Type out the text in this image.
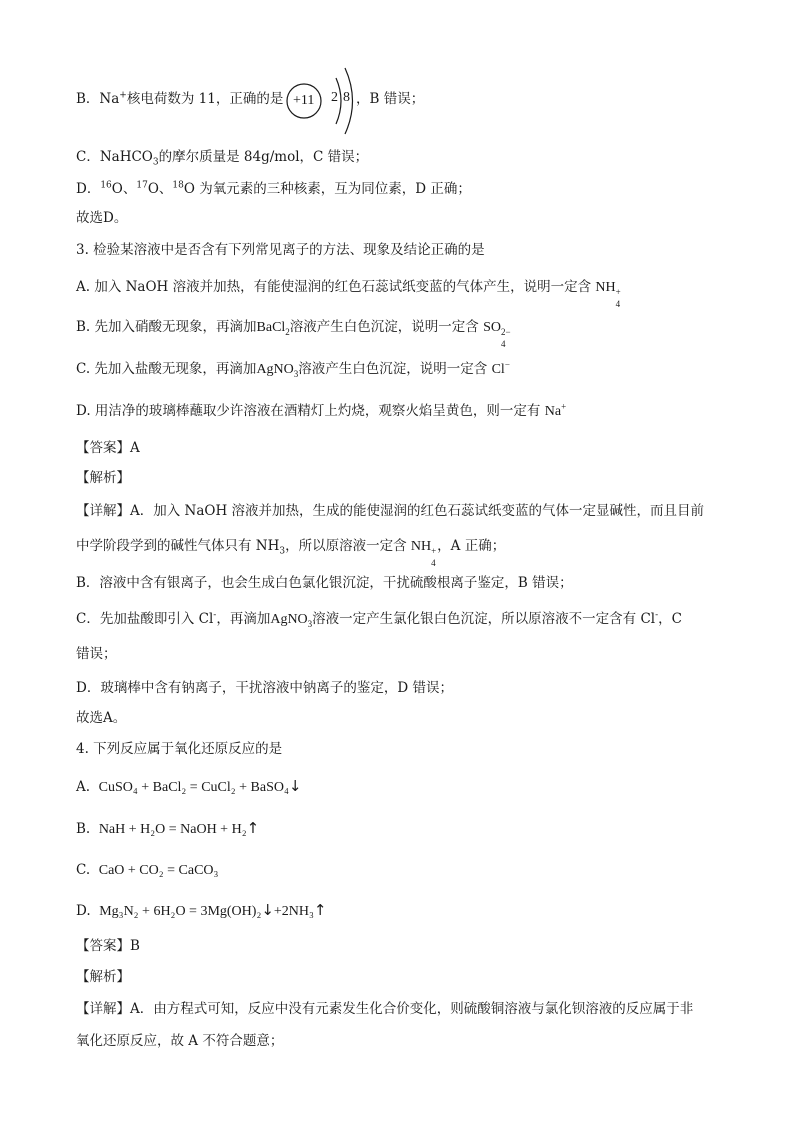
B．Na+核电荷数为 11，正确的是 +11 2 8 ，B 错误；
C．NaHCO$_3$的摩尔质量是 84g/mol，C 错误；
D．$^{16}$O、$^{17}$O、$^{18}$O 为氧元素的三种核素，互为同位素，D 正确；
故选D。
3. 检验某溶液中是否含有下列常见离子的方法、现象及结论正确的是
A. 加入 NaOH 溶液并加热，有能使湿润的红色石蕊试纸变蓝的气体产生，说明一定含 NH +
4
B. 先加入硝酸无现象，再滴加BaCl$_2$溶液产生白色沉淀，说明一定含 SO 2−
4
C. 先加入盐酸无现象，再滴加AgNO$_3$溶液产生白色沉淀，说明一定含 Cl−
D. 用洁净的玻璃棒蘸取少许溶液在酒精灯上灼烧，观察火焰呈黄色，则一定有 Na+
【答案】A
【解析】
【详解】A．加入 NaOH 溶液并加热，生成的能使湿润的红色石蕊试纸变蓝的气体一定显碱性，而且目前
中学阶段学到的碱性气体只有 $NH_3$，所以原溶液一定含 NH +
4
，A 正确；
B．溶液中含有银离子，也会生成白色氯化银沉淀，干扰硫酸根离子鉴定，B 错误；
C．先加盐酸即引入 Cl-，再滴加AgNO$_3$溶液一定产生氯化银白色沉淀，所以原溶液不一定含有 Cl-，C
错误；
D．玻璃棒中含有钠离子，干扰溶液中钠离子的鉴定，D 错误；
故选A。
4. 下列反应属于氧化还原反应的是
A. CuSO₄ + BaCl₂ = CuCl₂ + BaSO₄↓
B. NaH + H₂O = NaOH + H₂↑
C. CaO + CO₂ = CaCO₃
D. Mg₃N₂ + 6H₂O = 3Mg(OH)₂↓+2NH₃↑
【答案】B
【解析】
【详解】A．由方程式可知，反应中没有元素发生化合价变化，则硫酸铜溶液与氯化钡溶液的反应属于非
氧化还原反应，故 A 不符合题意；
